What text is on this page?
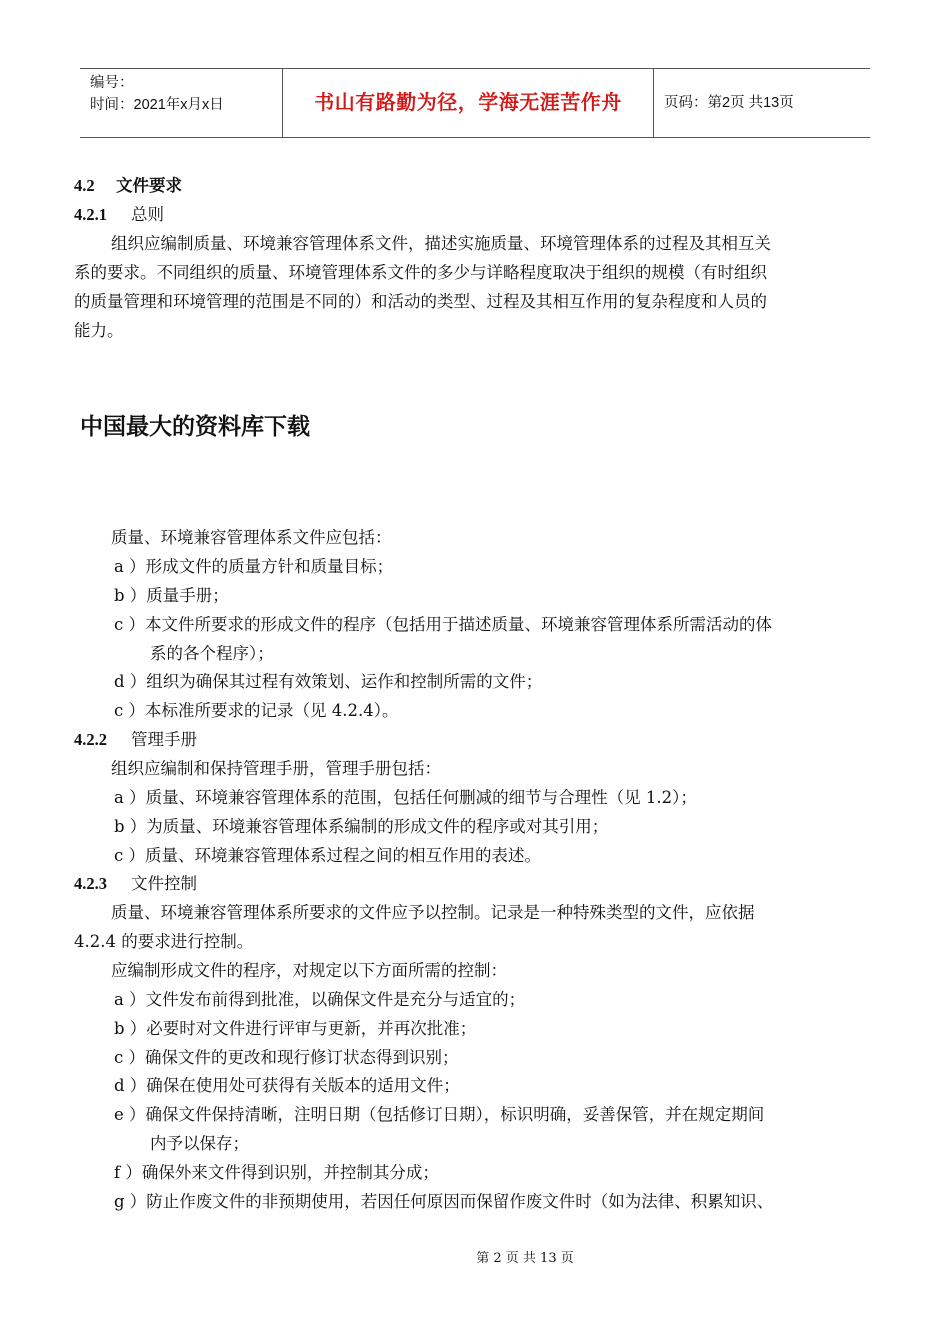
编号：
时间：2021年x月x日	书山有路勤为径，学海无涯苦作舟	页码：第2页 共13页
4.2 文件要求
4.2.1 总则
组织应编制质量、环境兼容管理体系文件，描述实施质量、环境管理体系的过程及其相互关
系的要求。不同组织的质量、环境管理体系文件的多少与详略程度取决于组织的规模（有时组织
的质量管理和环境管理的范围是不同的）和活动的类型、过程及其相互作用的复杂程度和人员的
能力。
中国最大的资料库下载
质量、环境兼容管理体系文件应包括：
a ）形成文件的质量方针和质量目标；
b ）质量手册；
c ）本文件所要求的形成文件的程序（包括用于描述质量、环境兼容管理体系所需活动的体
系的各个程序）；
d ）组织为确保其过程有效策划、运作和控制所需的文件；
c ）本标准所要求的记录（见 4.2.4）。
4.2.2 管理手册
组织应编制和保持管理手册，管理手册包括：
a ）质量、环境兼容管理体系的范围，包括任何删减的细节与合理性（见 1.2）；
b ）为质量、环境兼容管理体系编制的形成文件的程序或对其引用；
c ）质量、环境兼容管理体系过程之间的相互作用的表述。
4.2.3 文件控制
质量、环境兼容管理体系所要求的文件应予以控制。记录是一种特殊类型的文件，应依据
4.2.4 的要求进行控制。
应编制形成文件的程序，对规定以下方面所需的控制：
a ）文件发布前得到批准，以确保文件是充分与适宜的；
b ）必要时对文件进行评审与更新，并再次批准；
c ）确保文件的更改和现行修订状态得到识别；
d ）确保在使用处可获得有关版本的适用文件；
e ）确保文件保持清晰，注明日期（包括修订日期），标识明确，妥善保管，并在规定期间
内予以保存；
f ）确保外来文件得到识别，并控制其分成；
g ）防止作废文件的非预期使用，若因任何原因而保留作废文件时（如为法律、积累知识、
第 2 页 共 13 页
